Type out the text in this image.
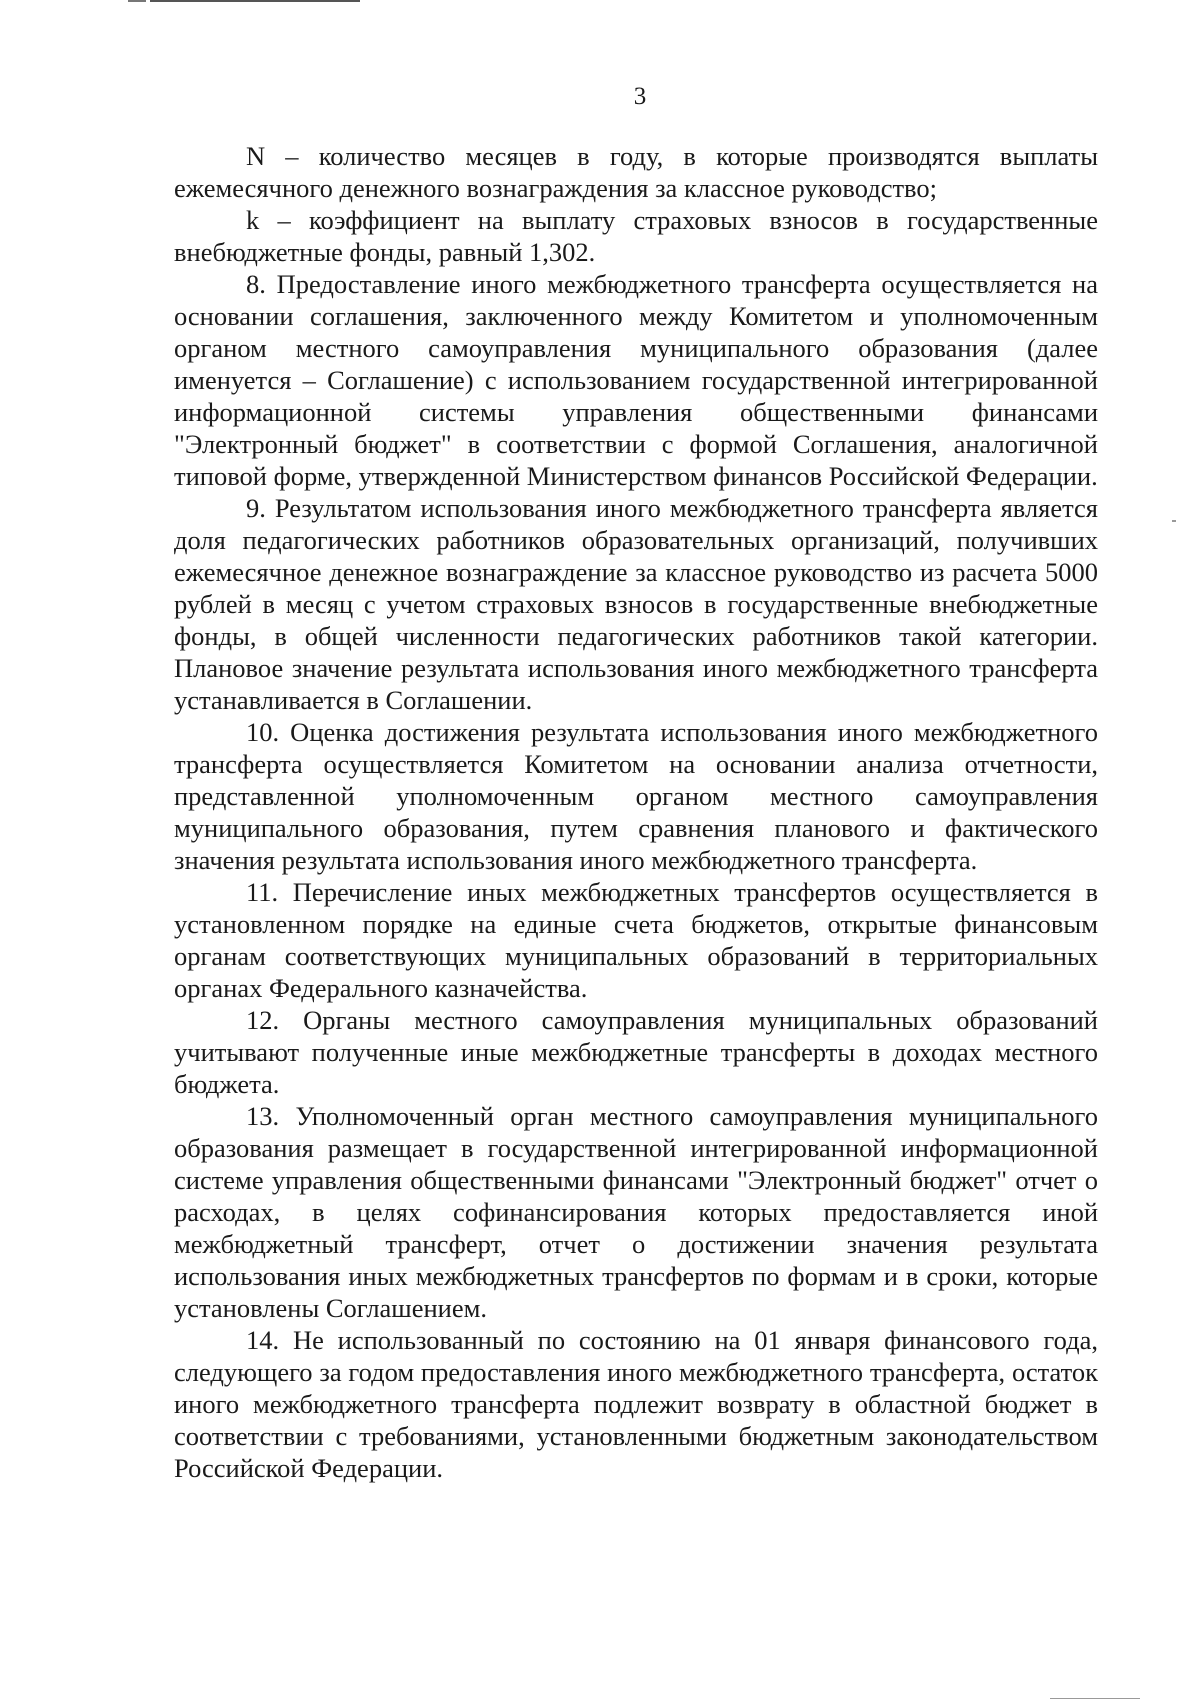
3

N – количество месяцев в году, в которые производятся выплаты ежемесячного денежного вознаграждения за классное руководство;

k – коэффициент на выплату страховых взносов в государственные внебюджетные фонды, равный 1,302.

8. Предоставление иного межбюджетного трансферта осуществляется на основании соглашения, заключенного между Комитетом и уполномоченным органом местного самоуправления муниципального образования (далее именуется – Соглашение) с использованием государственной интегрированной информационной системы управления общественными финансами "Электронный бюджет" в соответствии с формой Соглашения, аналогичной типовой форме, утвержденной Министерством финансов Российской Федерации.

9. Результатом использования иного межбюджетного трансферта является доля педагогических работников образовательных организаций, получивших ежемесячное денежное вознаграждение за классное руководство из расчета 5000 рублей в месяц с учетом страховых взносов в государственные внебюджетные фонды, в общей численности педагогических работников такой категории. Плановое значение результата использования иного межбюджетного трансферта устанавливается в Соглашении.

10. Оценка достижения результата использования иного межбюджетного трансферта осуществляется Комитетом на основании анализа отчетности, представленной уполномоченным органом местного самоуправления муниципального образования, путем сравнения планового и фактического значения результата использования иного межбюджетного трансферта.

11. Перечисление иных межбюджетных трансфертов осуществляется в установленном порядке на единые счета бюджетов, открытые финансовым органам соответствующих муниципальных образований в территориальных органах Федерального казначейства.

12. Органы местного самоуправления муниципальных образований учитывают полученные иные межбюджетные трансферты в доходах местного бюджета.

13. Уполномоченный орган местного самоуправления муниципального образования размещает в государственной интегрированной информационной системе управления общественными финансами "Электронный бюджет" отчет о расходах, в целях софинансирования которых предоставляется иной межбюджетный трансферт, отчет о достижении значения результата использования иных межбюджетных трансфертов по формам и в сроки, которые установлены Соглашением.

14. Не использованный по состоянию на 01 января финансового года, следующего за годом предоставления иного межбюджетного трансферта, остаток иного межбюджетного трансферта подлежит возврату в областной бюджет в соответствии с требованиями, установленными бюджетным законодательством Российской Федерации.
